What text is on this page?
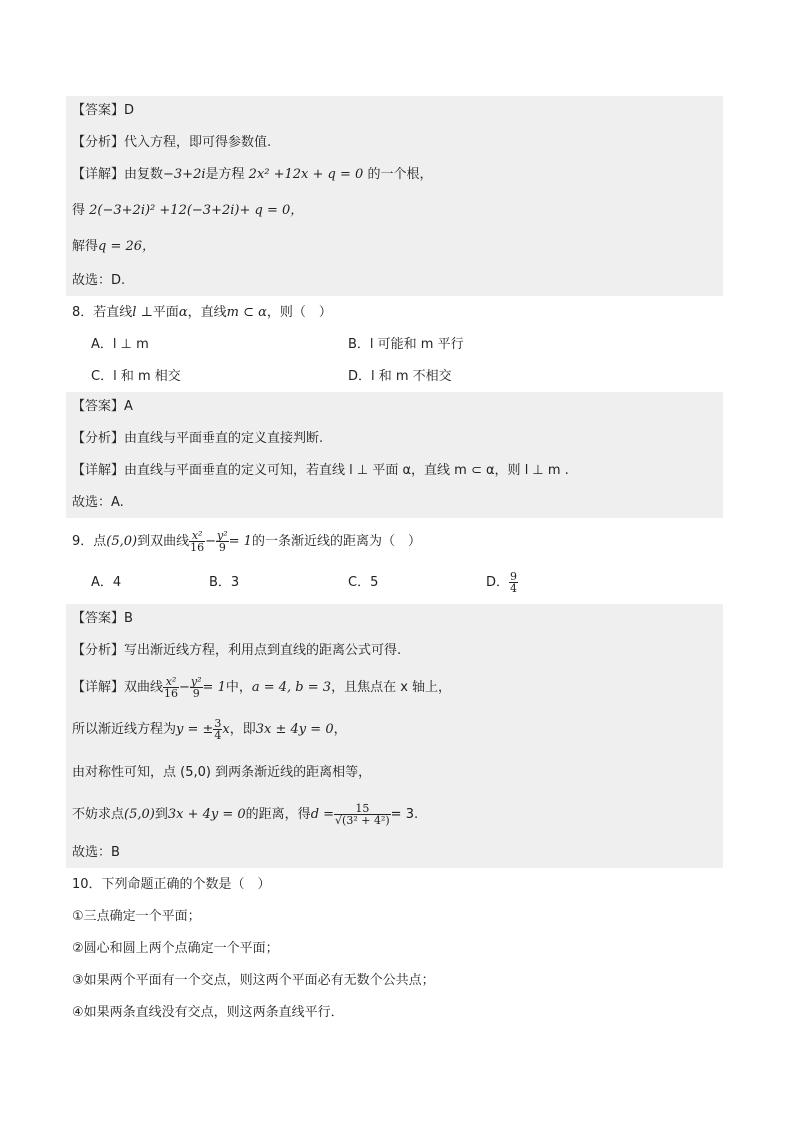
【答案】D
【分析】代入方程，即可得参数值.
【详解】由复数−3+2i是方程 2x² +12x + q = 0 的一个根，
得 2(−3+2i)² +12(−3+2i)+ q = 0，
解得q = 26，
故选：D.
8．若直线l ⊥平面α，直线m ⊂ α，则（　）
A．l ⊥ m	B．l 可能和 m 平行
C．l 和 m 相交	D．l 和 m 不相交
【答案】A
【分析】由直线与平面垂直的定义直接判断.
【详解】由直线与平面垂直的定义可知，若直线 l ⊥ 平面 α，直线 m ⊂ α，则 l ⊥ m .
故选：A.
9．点(5,0)到双曲线 $\frac{\text{x²}}{16} - \frac{\text{y²}}{9} = 1$的一条渐近线的距离为（　）
A．4	B．3	C．5	D． $\frac{9}{4}$
【答案】B
【分析】写出渐近线方程，利用点到直线的距离公式可得.
【详解】双曲线 $\frac{\text{x²}}{16} - \frac{\text{y²}}{9} = 1$中，a = 4, b = 3，且焦点在 x 轴上，
所以渐近线方程为y = ± $\frac{3}{4}$ x，即3x ± 4y = 0，
由对称性可知，点 (5,0) 到两条渐近线的距离相等，
不妨求点(5,0)到3x + 4y = 0的距离，得$d = \frac{15}{\text{√(3² + 4²)}} = 3$.
故选：B
10．下列命题正确的个数是（　）
①三点确定一个平面；
②圆心和圆上两个点确定一个平面；
③如果两个平面有一个交点，则这两个平面必有无数个公共点；
④如果两条直线没有交点，则这两条直线平行．
